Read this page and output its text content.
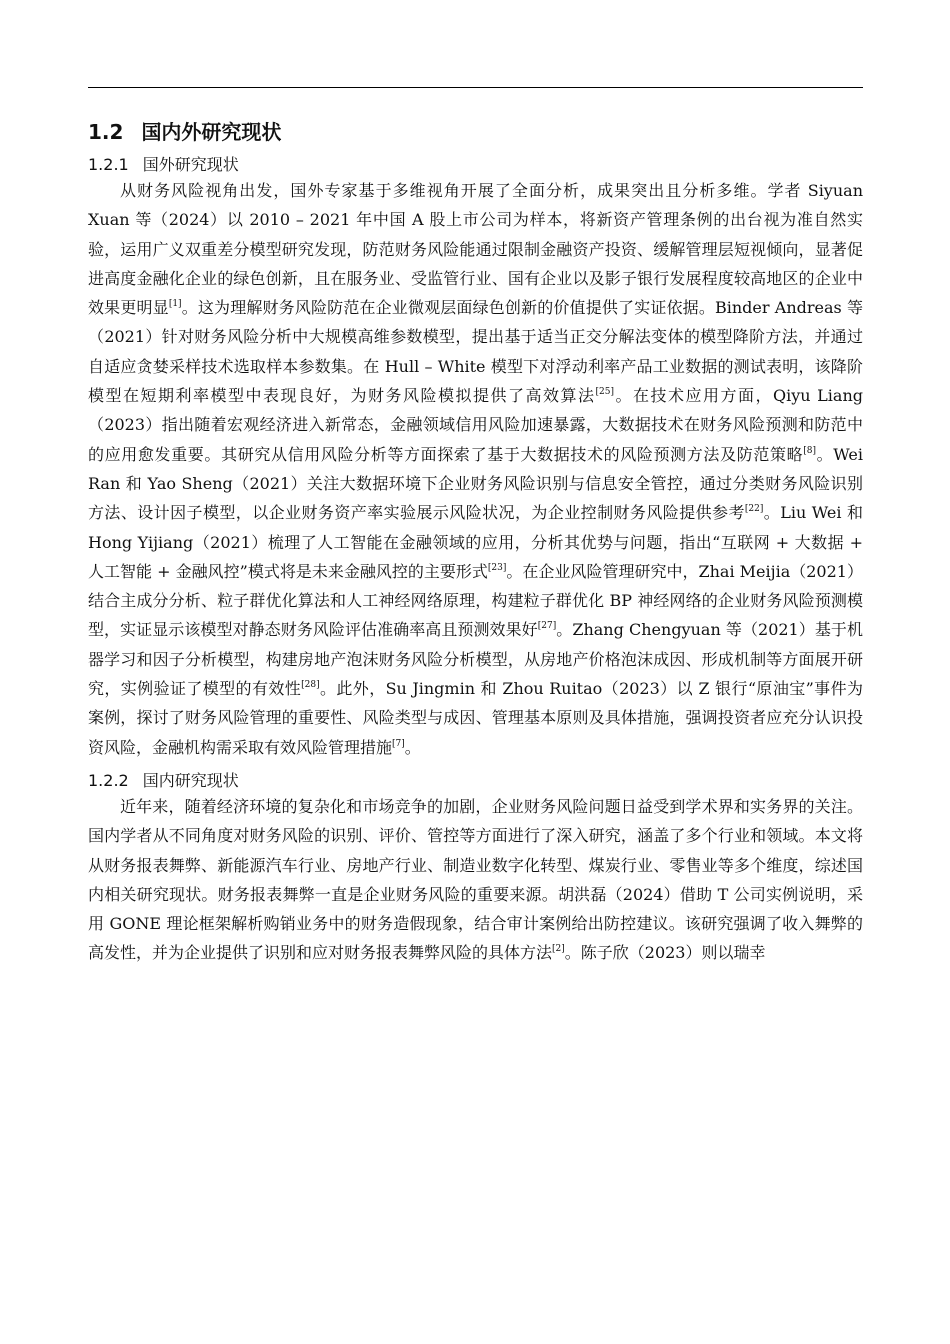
1.2 国内外研究现状
1.2.1 国外研究现状

从财务风险视角出发，国外专家基于多维视角开展了全面分析，成果突出且分析多维。学者 Siyuan Xuan 等（2024）以 2010 – 2021 年中国 A 股上市公司为样本，将新资产管理条例的出台视为准自然实验，运用广义双重差分模型研究发现，防范财务风险能通过限制金融资产投资、缓解管理层短视倾向，显著促进高度金融化企业的绿色创新，且在服务业、受监管行业、国有企业以及影子银行发展程度较高地区的企业中效果更明显[1]。这为理解财务风险防范在企业微观层面绿色创新的价值提供了实证依据。Binder Andreas 等（2021）针对财务风险分析中大规模高维参数模型，提出基于适当正交分解法变体的模型降阶方法，并通过自适应贪婪采样技术选取样本参数集。在 Hull – White 模型下对浮动利率产品工业数据的测试表明，该降阶模型在短期利率模型中表现良好，为财务风险模拟提供了高效算法[25]。在技术应用方面，Qiyu Liang（2023）指出随着宏观经济进入新常态，金融领域信用风险加速暴露，大数据技术在财务风险预测和防范中的应用愈发重要。其研究从信用风险分析等方面探索了基于大数据技术的风险预测方法及防范策略[8]。Wei Ran 和 Yao Sheng（2021）关注大数据环境下企业财务风险识别与信息安全管控，通过分类财务风险识别方法、设计因子模型，以企业财务资产率实验展示风险状况，为企业控制财务风险提供参考[22]。Liu Wei 和 Hong Yijiang（2021）梳理了人工智能在金融领域的应用，分析其优势与问题，指出“互联网 + 大数据 + 人工智能 + 金融风控”模式将是未来金融风控的主要形式[23]。在企业风险管理研究中，Zhai Meijia（2021）结合主成分分析、粒子群优化算法和人工神经网络原理，构建粒子群优化 BP 神经网络的企业财务风险预测模型，实证显示该模型对静态财务风险评估准确率高且预测效果好[27]。Zhang Chengyuan 等（2021）基于机器学习和因子分析模型，构建房地产泡沫财务风险分析模型，从房地产价格泡沫成因、形成机制等方面展开研究，实例验证了模型的有效性[28]。此外，Su Jingmin 和 Zhou Ruitao（2023）以 Z 银行“原油宝”事件为案例，探讨了财务风险管理的重要性、风险类型与成因、管理基本原则及具体措施，强调投资者应充分认识投资风险，金融机构需采取有效风险管理措施[7]。

1.2.2 国内研究现状

近年来，随着经济环境的复杂化和市场竞争的加剧，企业财务风险问题日益受到学术界和实务界的关注。国内学者从不同角度对财务风险的识别、评价、管控等方面进行了深入研究，涵盖了多个行业和领域。本文将从财务报表舞弊、新能源汽车行业、房地产行业、制造业数字化转型、煤炭行业、零售业等多个维度，综述国内相关研究现状。财务报表舞弊一直是企业财务风险的重要来源。胡洪磊（2024）借助 T 公司实例说明，采用 GONE 理论框架解析购销业务中的财务造假现象，结合审计案例给出防控建议。该研究强调了收入舞弊的高发性，并为企业提供了识别和应对财务报表舞弊风险的具体方法[2]。陈子欣（2023）则以瑞幸
